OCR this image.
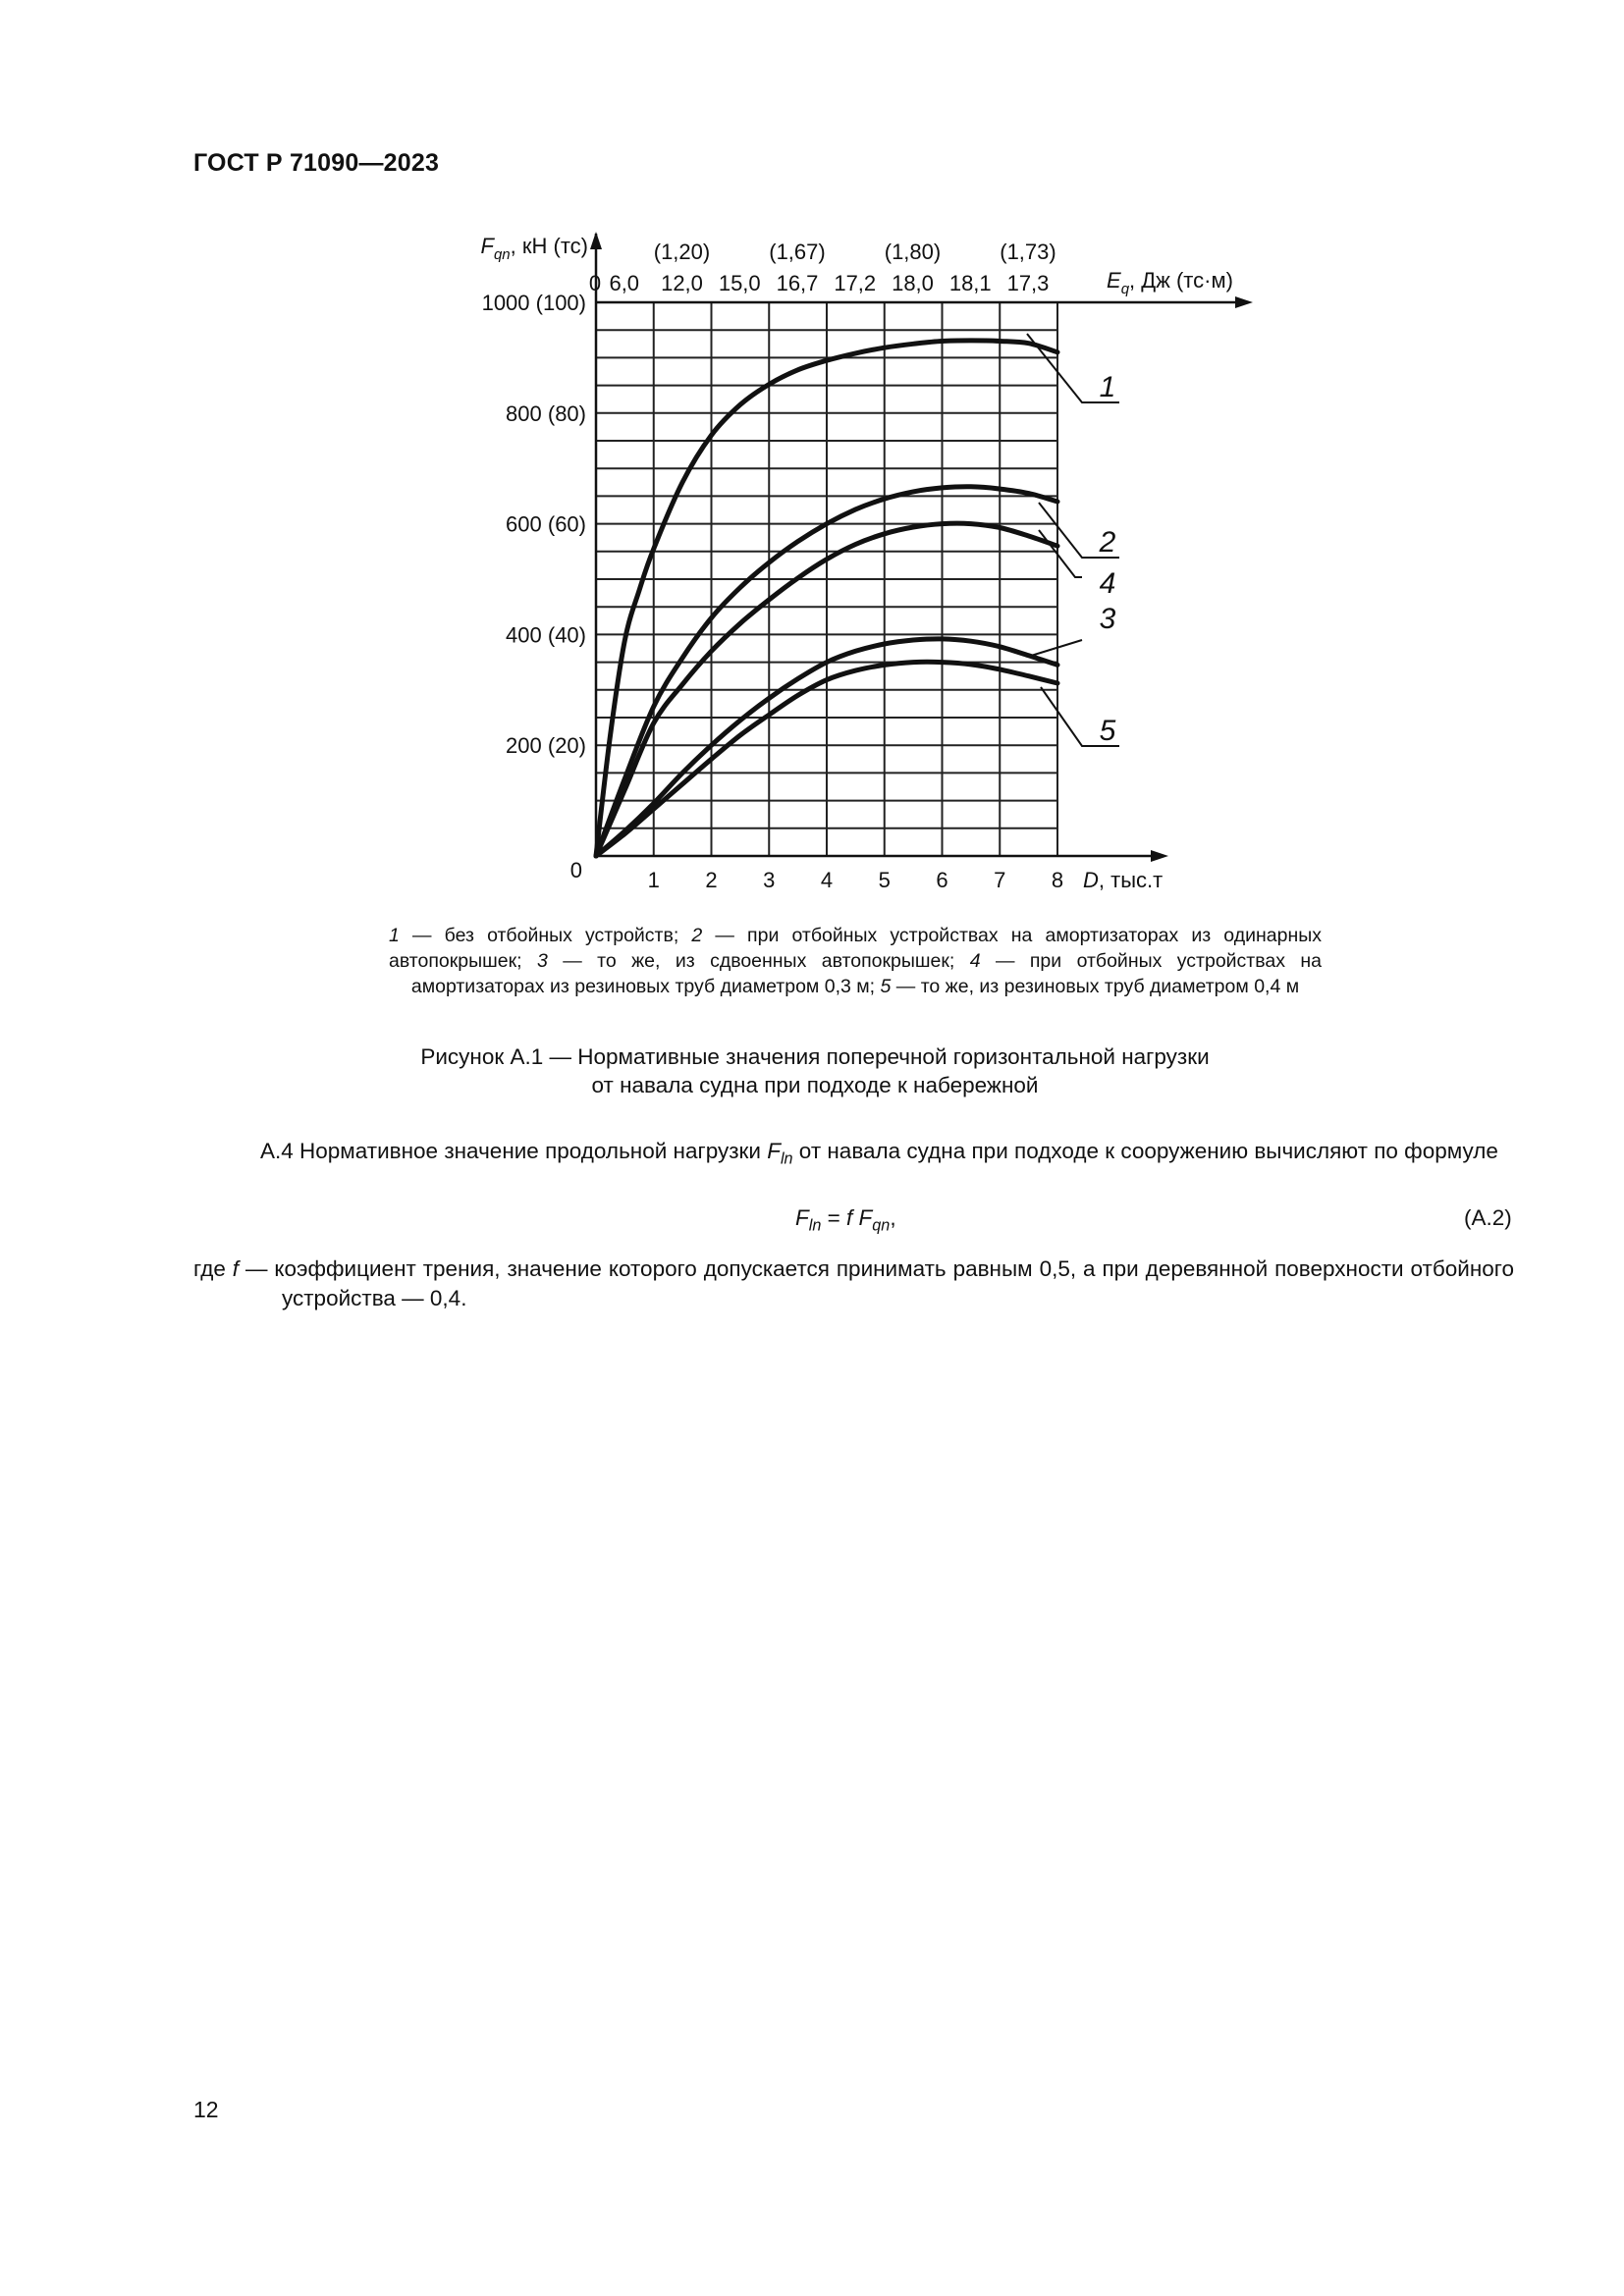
ГОСТ Р 71090—2023
1
2
4
3
5
0
200 (20)
400 (40)
600 (60)
800 (80)
1000 (100)
$F_{qn}$, кН (тс)
1 2 3 4 5 6 7 8 D, тыс.т
0 6,0 12,0 15,0 16,7 17,2 18,0 18,1 17,3
(1,20)	(1,67)	(1,80)	(1,73)
$E_q$, Дж (тс·м)
1 — без отбойных устройств; 2 — при отбойных устройствах на амортизаторах из одинарных автопокрышек; 3 — то же, из сдвоенных автопокрышек; 4 — при отбойных устройствах на амортизаторах из резиновых труб диаметром 0,3 м; 5 — то же, из резиновых труб диаметром 0,4 м
Рисунок А.1 — Нормативные значения поперечной горизонтальной нагрузки
от навала судна при подходе к набережной
А.4 Нормативное значение продольной нагрузки $F_{ln}$ от навала судна при подходе к сооружению вычисляют по формуле
$F_{ln} = f$ $F_{qn}$,	(А.2)
где f — коэффициент трения, значение которого допускается принимать равным 0,5, а при деревянной поверхности отбойного устройства — 0,4.
12
